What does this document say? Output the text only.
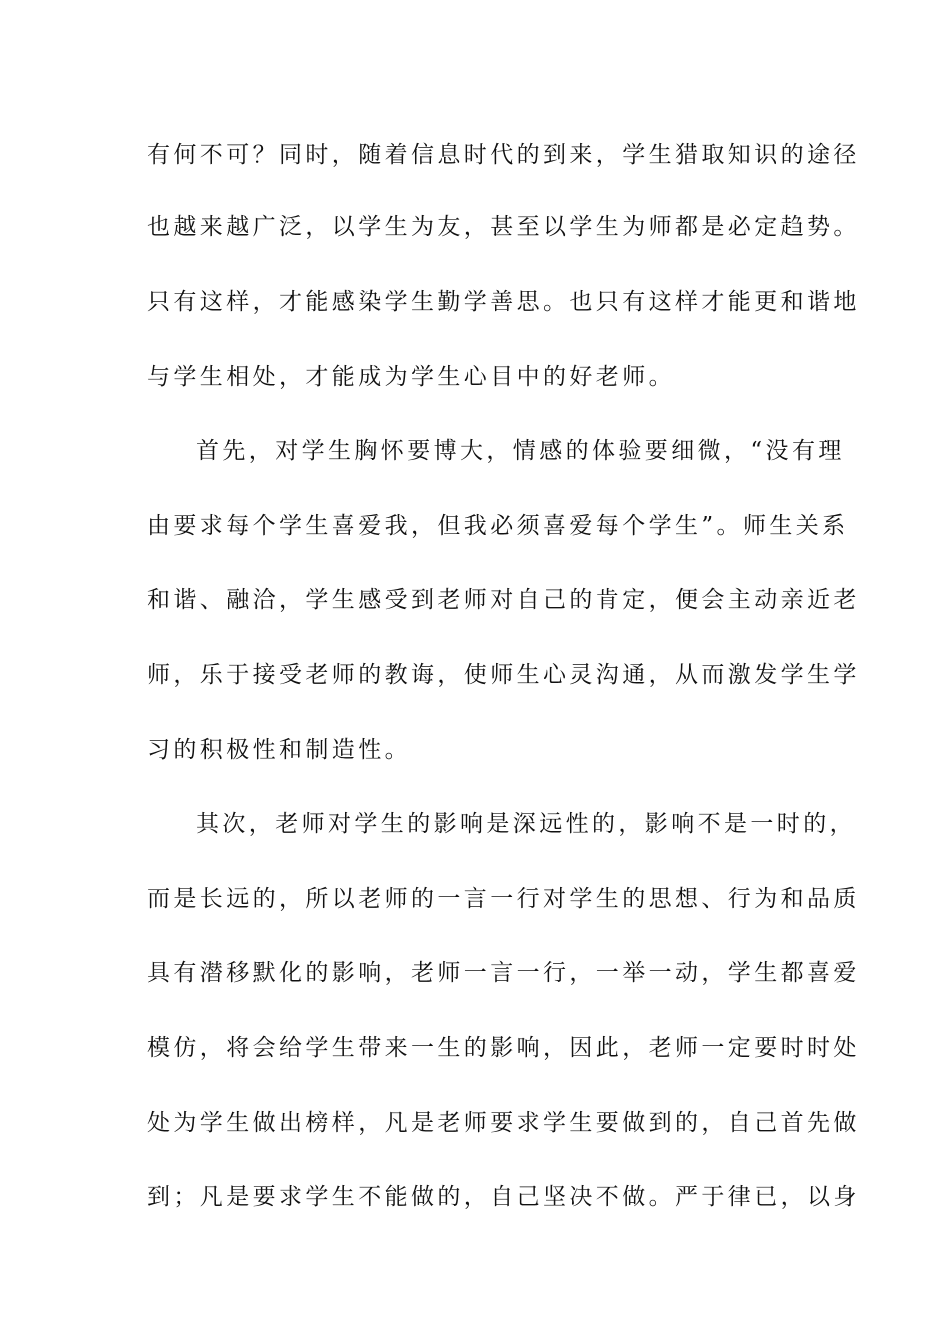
有何不可？同时，随着信息时代的到来，学生猎取知识的途径
也越来越广泛，以学生为友，甚至以学生为师都是必定趋势。
只有这样，才能感染学生勤学善思。也只有这样才能更和谐地
与学生相处，才能成为学生心目中的好老师。
首先，对学生胸怀要博大，情感的体验要细微，“没有理
由要求每个学生喜爱我，但我必须喜爱每个学生”。师生关系
和谐、融洽，学生感受到老师对自己的肯定，便会主动亲近老
师，乐于接受老师的教诲，使师生心灵沟通，从而激发学生学
习的积极性和制造性。
其次，老师对学生的影响是深远性的，影响不是一时的，
而是长远的，所以老师的一言一行对学生的思想、行为和品质
具有潜移默化的影响，老师一言一行，一举一动，学生都喜爱
模仿，将会给学生带来一生的影响，因此，老师一定要时时处
处为学生做出榜样，凡是老师要求学生要做到的，自己首先做
到；凡是要求学生不能做的，自己坚决不做。严于律已，以身
